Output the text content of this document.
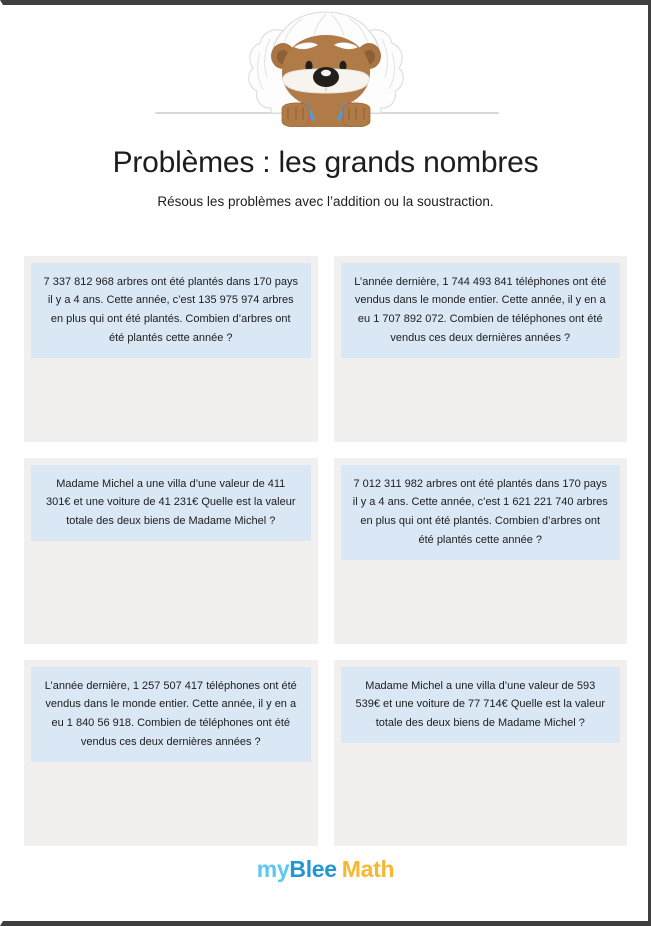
Problèmes : les grands nombres

Résous les problèmes avec l’addition ou la soustraction.

7 337 812 968 arbres ont été plantés dans 170 pays il y a 4 ans. Cette année, c’est 135 975 974 arbres en plus qui ont été plantés. Combien d’arbres ont été plantés cette année ?
L’année dernière, 1 744 493 841 téléphones ont été vendus dans le monde entier. Cette année, il y en a eu 1 707 892 072. Combien de téléphones ont été vendus ces deux dernières années ?
Madame Michel a une villa d’une valeur de 411 301€ et une voiture de 41 231€ Quelle est la valeur totale des deux biens de Madame Michel ?
7 012 311 982 arbres ont été plantés dans 170 pays il y a 4 ans. Cette année, c’est 1 621 221 740 arbres en plus qui ont été plantés. Combien d’arbres ont été plantés cette année ?
L’année dernière, 1 257 507 417 téléphones ont été vendus dans le monde entier. Cette année, il y en a eu 1 840 56 918. Combien de téléphones ont été vendus ces deux dernières années ?
Madame Michel a une villa d’une valeur de 593 539€ et une voiture de 77 714€ Quelle est la valeur totale des deux biens de Madame Michel ?
myBlee Math
